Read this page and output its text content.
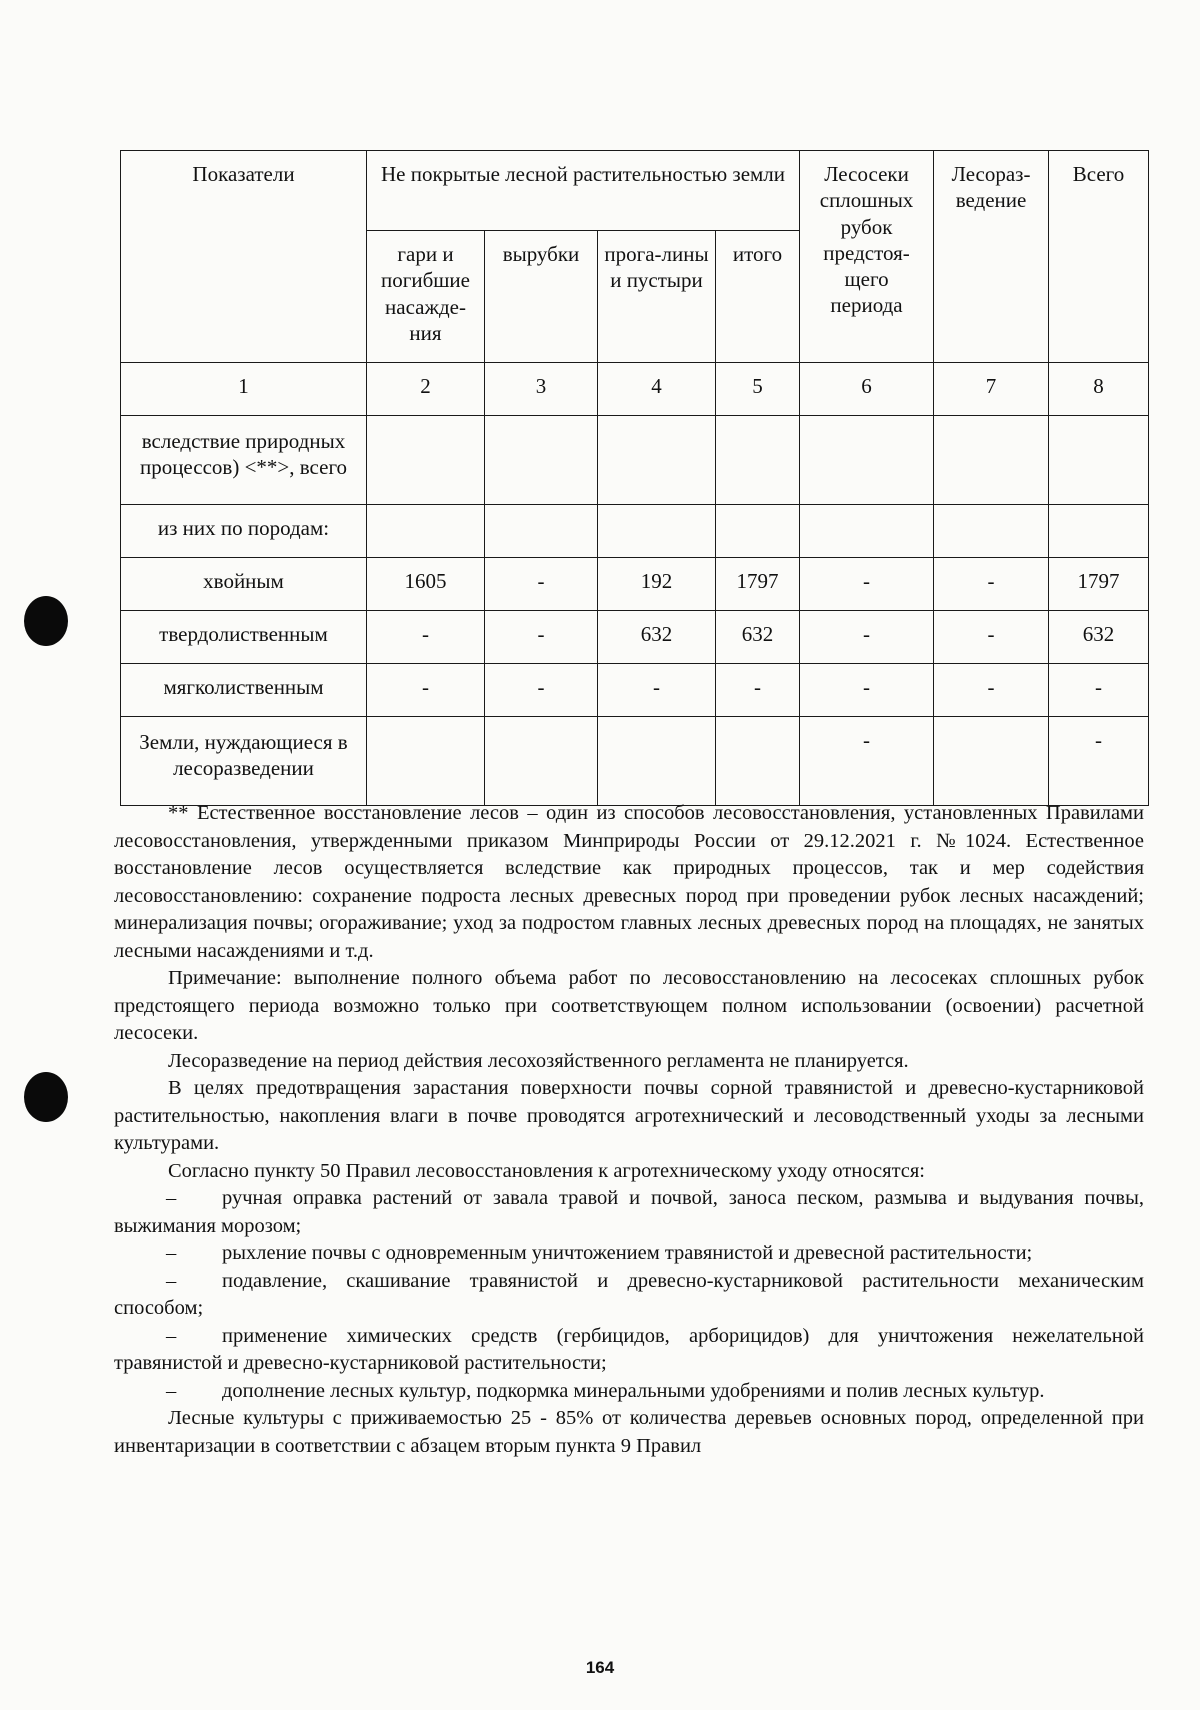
Показатели	Не покрытые лесной растительностью земли				Лесосеки сплошных рубок предстоя-щего периода	Лесораз-ведение	Всего
	гари и погибшие насажде-ния	вырубки	прога-лины и пустыри	итого			
1	2	3	4	5	6	7	8
вследствие природных процессов) <**>, всего							
из них по породам:							
хвойным	1605	-	192	1797	-	-	1797
твердолиственным	-	-	632	632	-	-	632
мягколиственным	-	-	-	-	-	-	-
Земли, нуждающиеся в лесоразведении					-		-

** Естественное восстановление лесов – один из способов лесовосстановления, установленных Правилами лесовосстановления, утвержденными приказом Минприроды России от 29.12.2021 г. №1024. Естественное восстановление лесов осуществляется вследствие как природных процессов, так и мер содействия лесовосстановлению: сохранение подроста лесных древесных пород при проведении рубок лесных насаждений; минерализация почвы; огораживание; уход за подростом главных лесных древесных пород на площадях, не занятых лесными насаждениями и т.д.

Примечание: выполнение полного объема работ по лесовосстановлению на лесосеках сплошных рубок предстоящего периода возможно только при соответствующем полном использовании (освоении) расчетной лесосеки.

Лесоразведение на период действия лесохозяйственного регламента не планируется.

В целях предотвращения зарастания поверхности почвы сорной травянистой и древесно-кустарниковой растительностью, накопления влаги в почве проводятся агротехнический и лесоводственный уходы за лесными культурами.

Согласно пункту 50 Правил лесовосстановления к агротехническому уходу относятся:

– ручная оправка растений от завала травой и почвой, заноса песком, размыва и выдувания почвы, выжимания морозом;

– рыхление почвы с одновременным уничтожением травянистой и древесной растительности;

– подавление, скашивание травянистой и древесно-кустарниковой растительности механическим способом;

– применение химических средств (гербицидов, арборицидов) для уничтожения нежелательной травянистой и древесно-кустарниковой растительности;

– дополнение лесных культур, подкормка минеральными удобрениями и полив лесных культур.

Лесные культуры с приживаемостью 25 - 85% от количества деревьев основных пород, определенной при инвентаризации в соответствии с абзацем вторым пункта 9 Правил

164
